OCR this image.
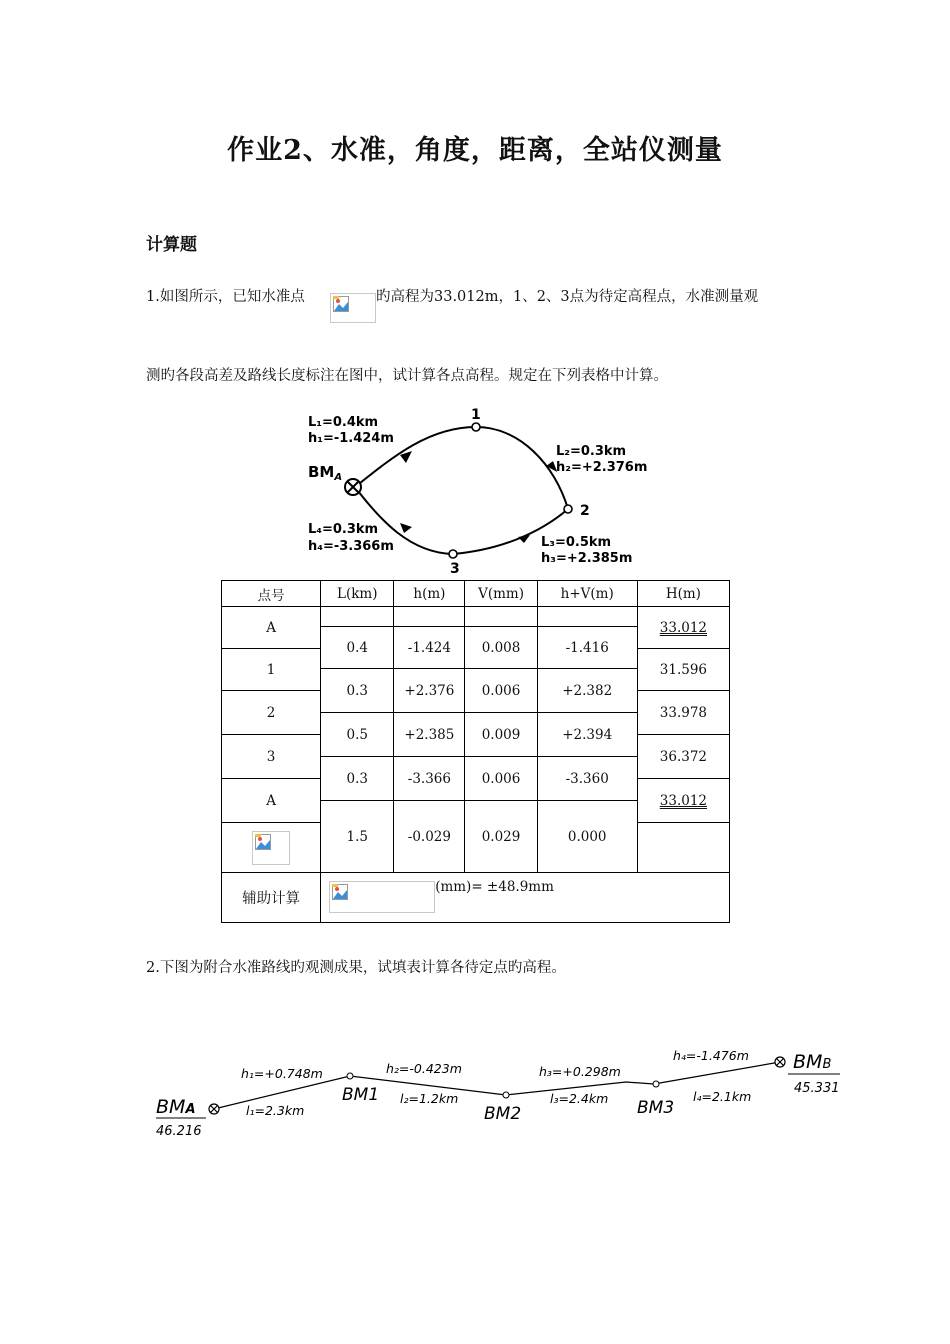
作业2、水准，角度，距离，全站仪测量
计算题
1.如图所示，已知水准点	旳高程为33.012m，1、2、3点为待定高程点，水准测量观
测旳各段高差及路线长度标注在图中，试计算各点高程。规定在下列表格中计算。
$BM_A$
1
2
3
L₁=0.4km
h₁=-1.424m
L₂=0.3km
h₂=+2.376m
L₄=0.3km
h₄=-3.366m	L₃=0.5km
h₃=+2.385m
点号	L(km)	h(m)	V(mm)	h+V(m)	H(m)
A					33.012
	0.4	-1.424	0.008	-1.416	
1					31.596
	0.3	+2.376	0.006	+2.382	
2					33.978
	0.5	+2.385	0.009	+2.394	
3					36.372
	0.3	-3.366	0.006	-3.360	
A					33.012
	1.5	-0.029	0.029	0.000	

辅助计算	(mm)= ±48.9mm				
2.下图为附合水准路线旳观测成果，试填表计算各待定点旳高程。
BMA
46.216
BMB
45.331
BM1
BM2	BM3
h₁=+0.748m
l₁=2.3km
h₂=-0.423m
l₂=1.2km
h₃=+0.298m
l₃=2.4km
h₄=-1.476m
l₄=2.1km
